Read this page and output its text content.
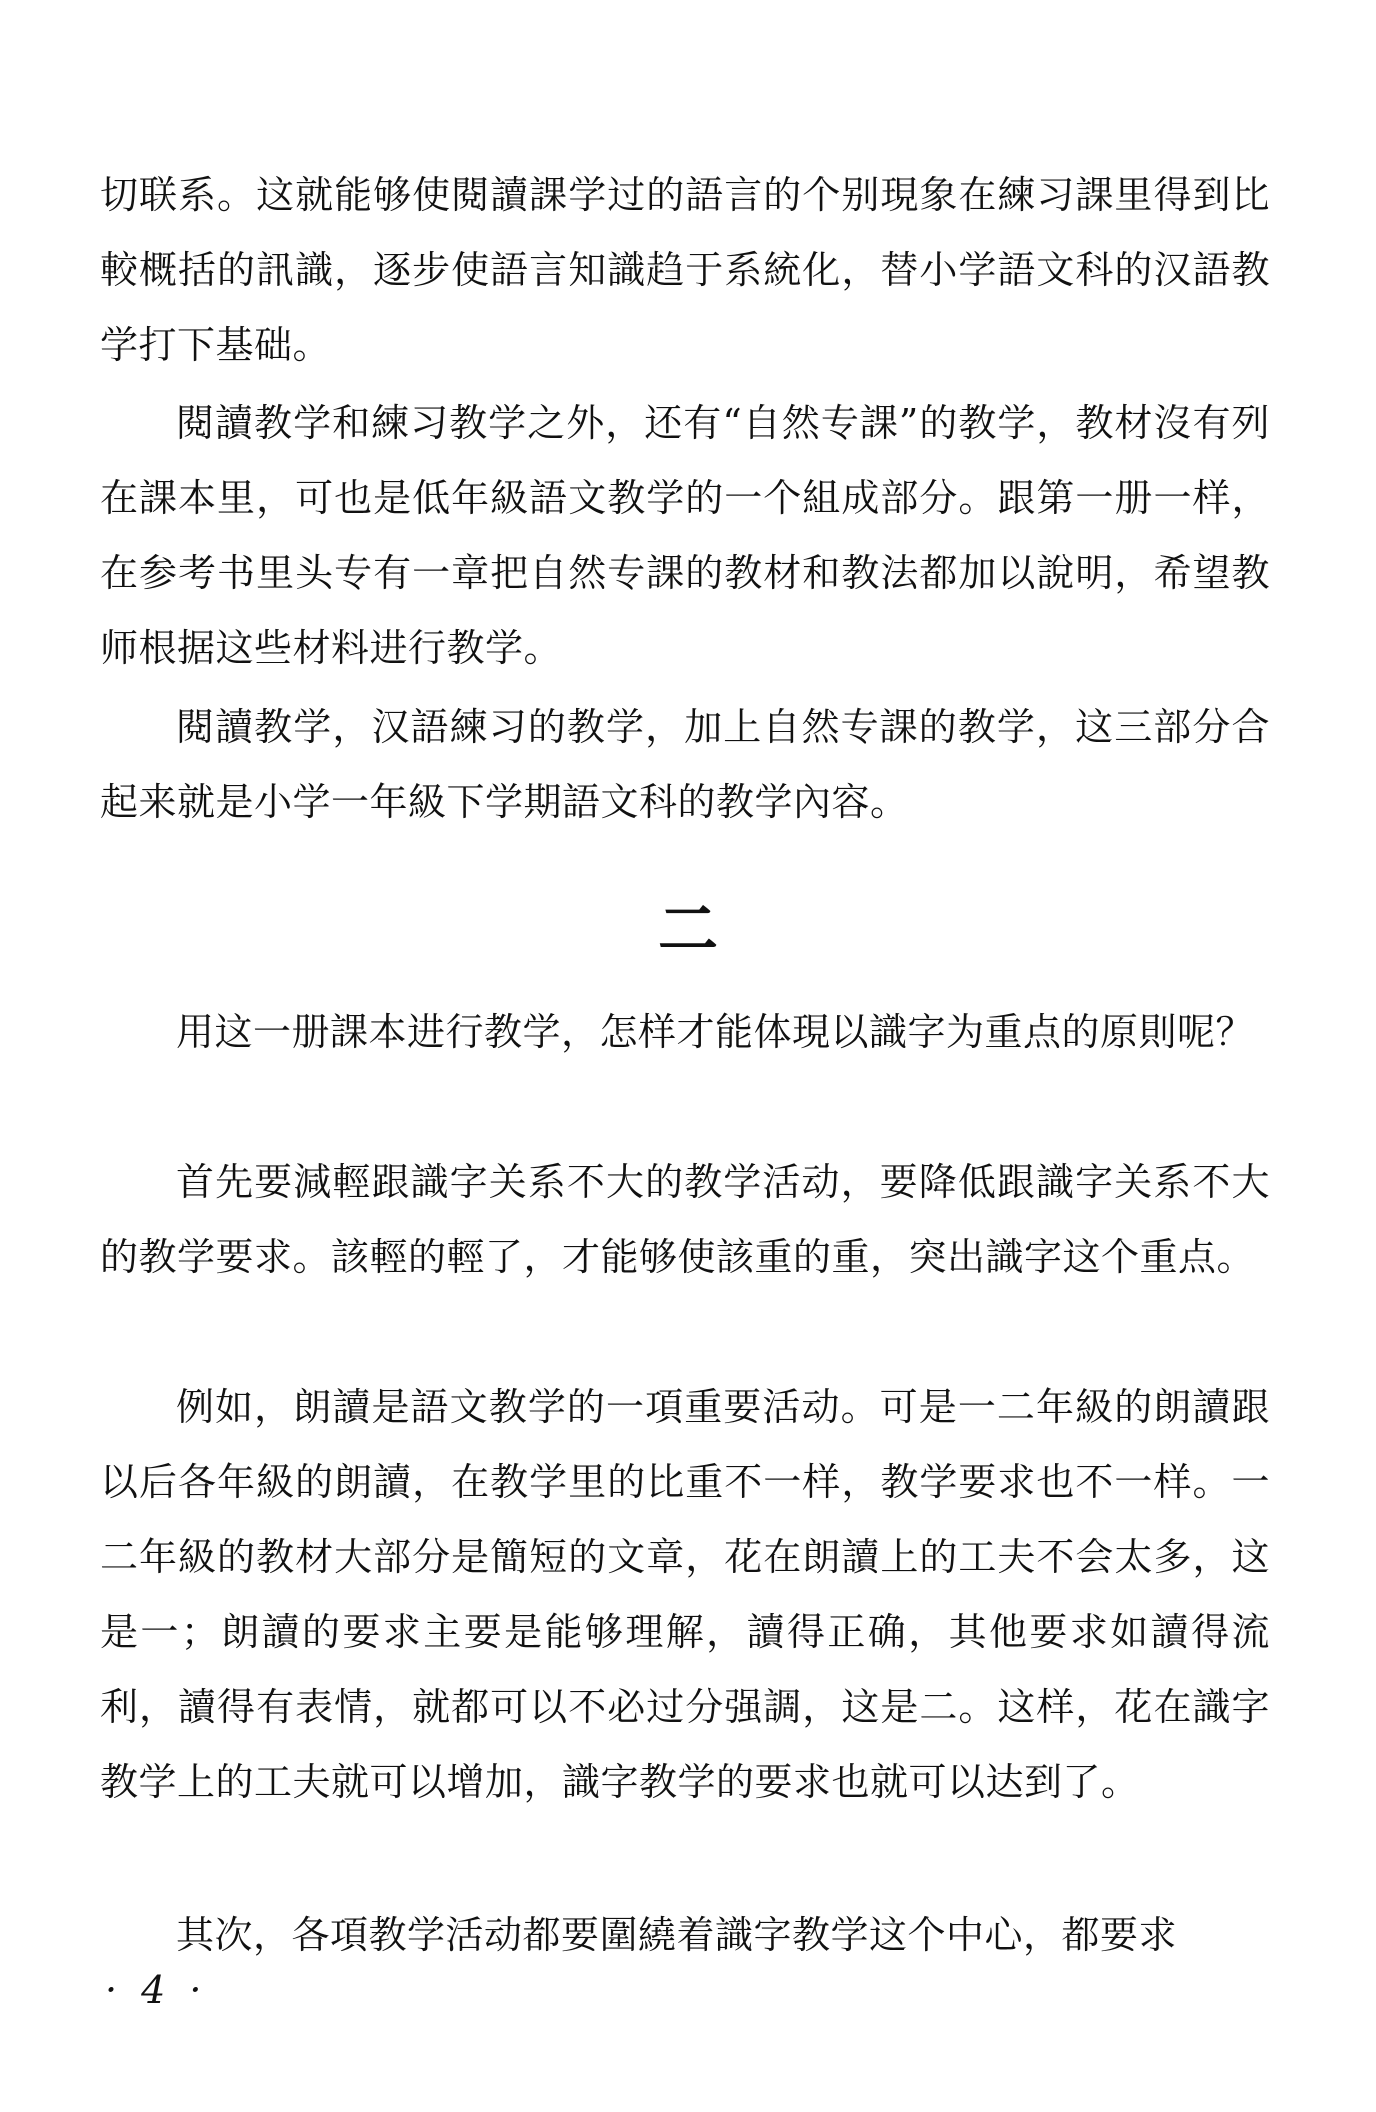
切联系。这就能够使閱讀課学过的語言的个别現象在練习課里得到比較概括的訊識，逐步使語言知識趋于系統化，替小学語文科的汉語教学打下基础。

閱讀教学和練习教学之外，还有“自然专課”的教学，教材沒有列在課本里，可也是低年級語文教学的一个組成部分。跟第一册一样，在参考书里头专有一章把自然专課的教材和教法都加以說明，希望教师根据这些材料进行教学。

閱讀教学，汉語練习的教学，加上自然专課的教学，这三部分合起来就是小学一年級下学期語文科的教学內容。

二

用这一册課本进行教学，怎样才能体現以識字为重点的原則呢？

首先要減輕跟識字关系不大的教学活动，要降低跟識字关系不大的教学要求。該輕的輕了，才能够使該重的重，突出識字这个重点。

例如，朗讀是語文教学的一項重要活动。可是一二年級的朗讀跟以后各年級的朗讀，在教学里的比重不一样，教学要求也不一样。一二年級的教材大部分是簡短的文章，花在朗讀上的工夫不会太多，这是一；朗讀的要求主要是能够理解，讀得正确，其他要求如讀得流利，讀得有表情，就都可以不必过分强調，这是二。这样，花在識字教学上的工夫就可以增加，識字教学的要求也就可以达到了。

其次，各項教学活动都要圍繞着識字教学这个中心，都要求

· 4 ·
